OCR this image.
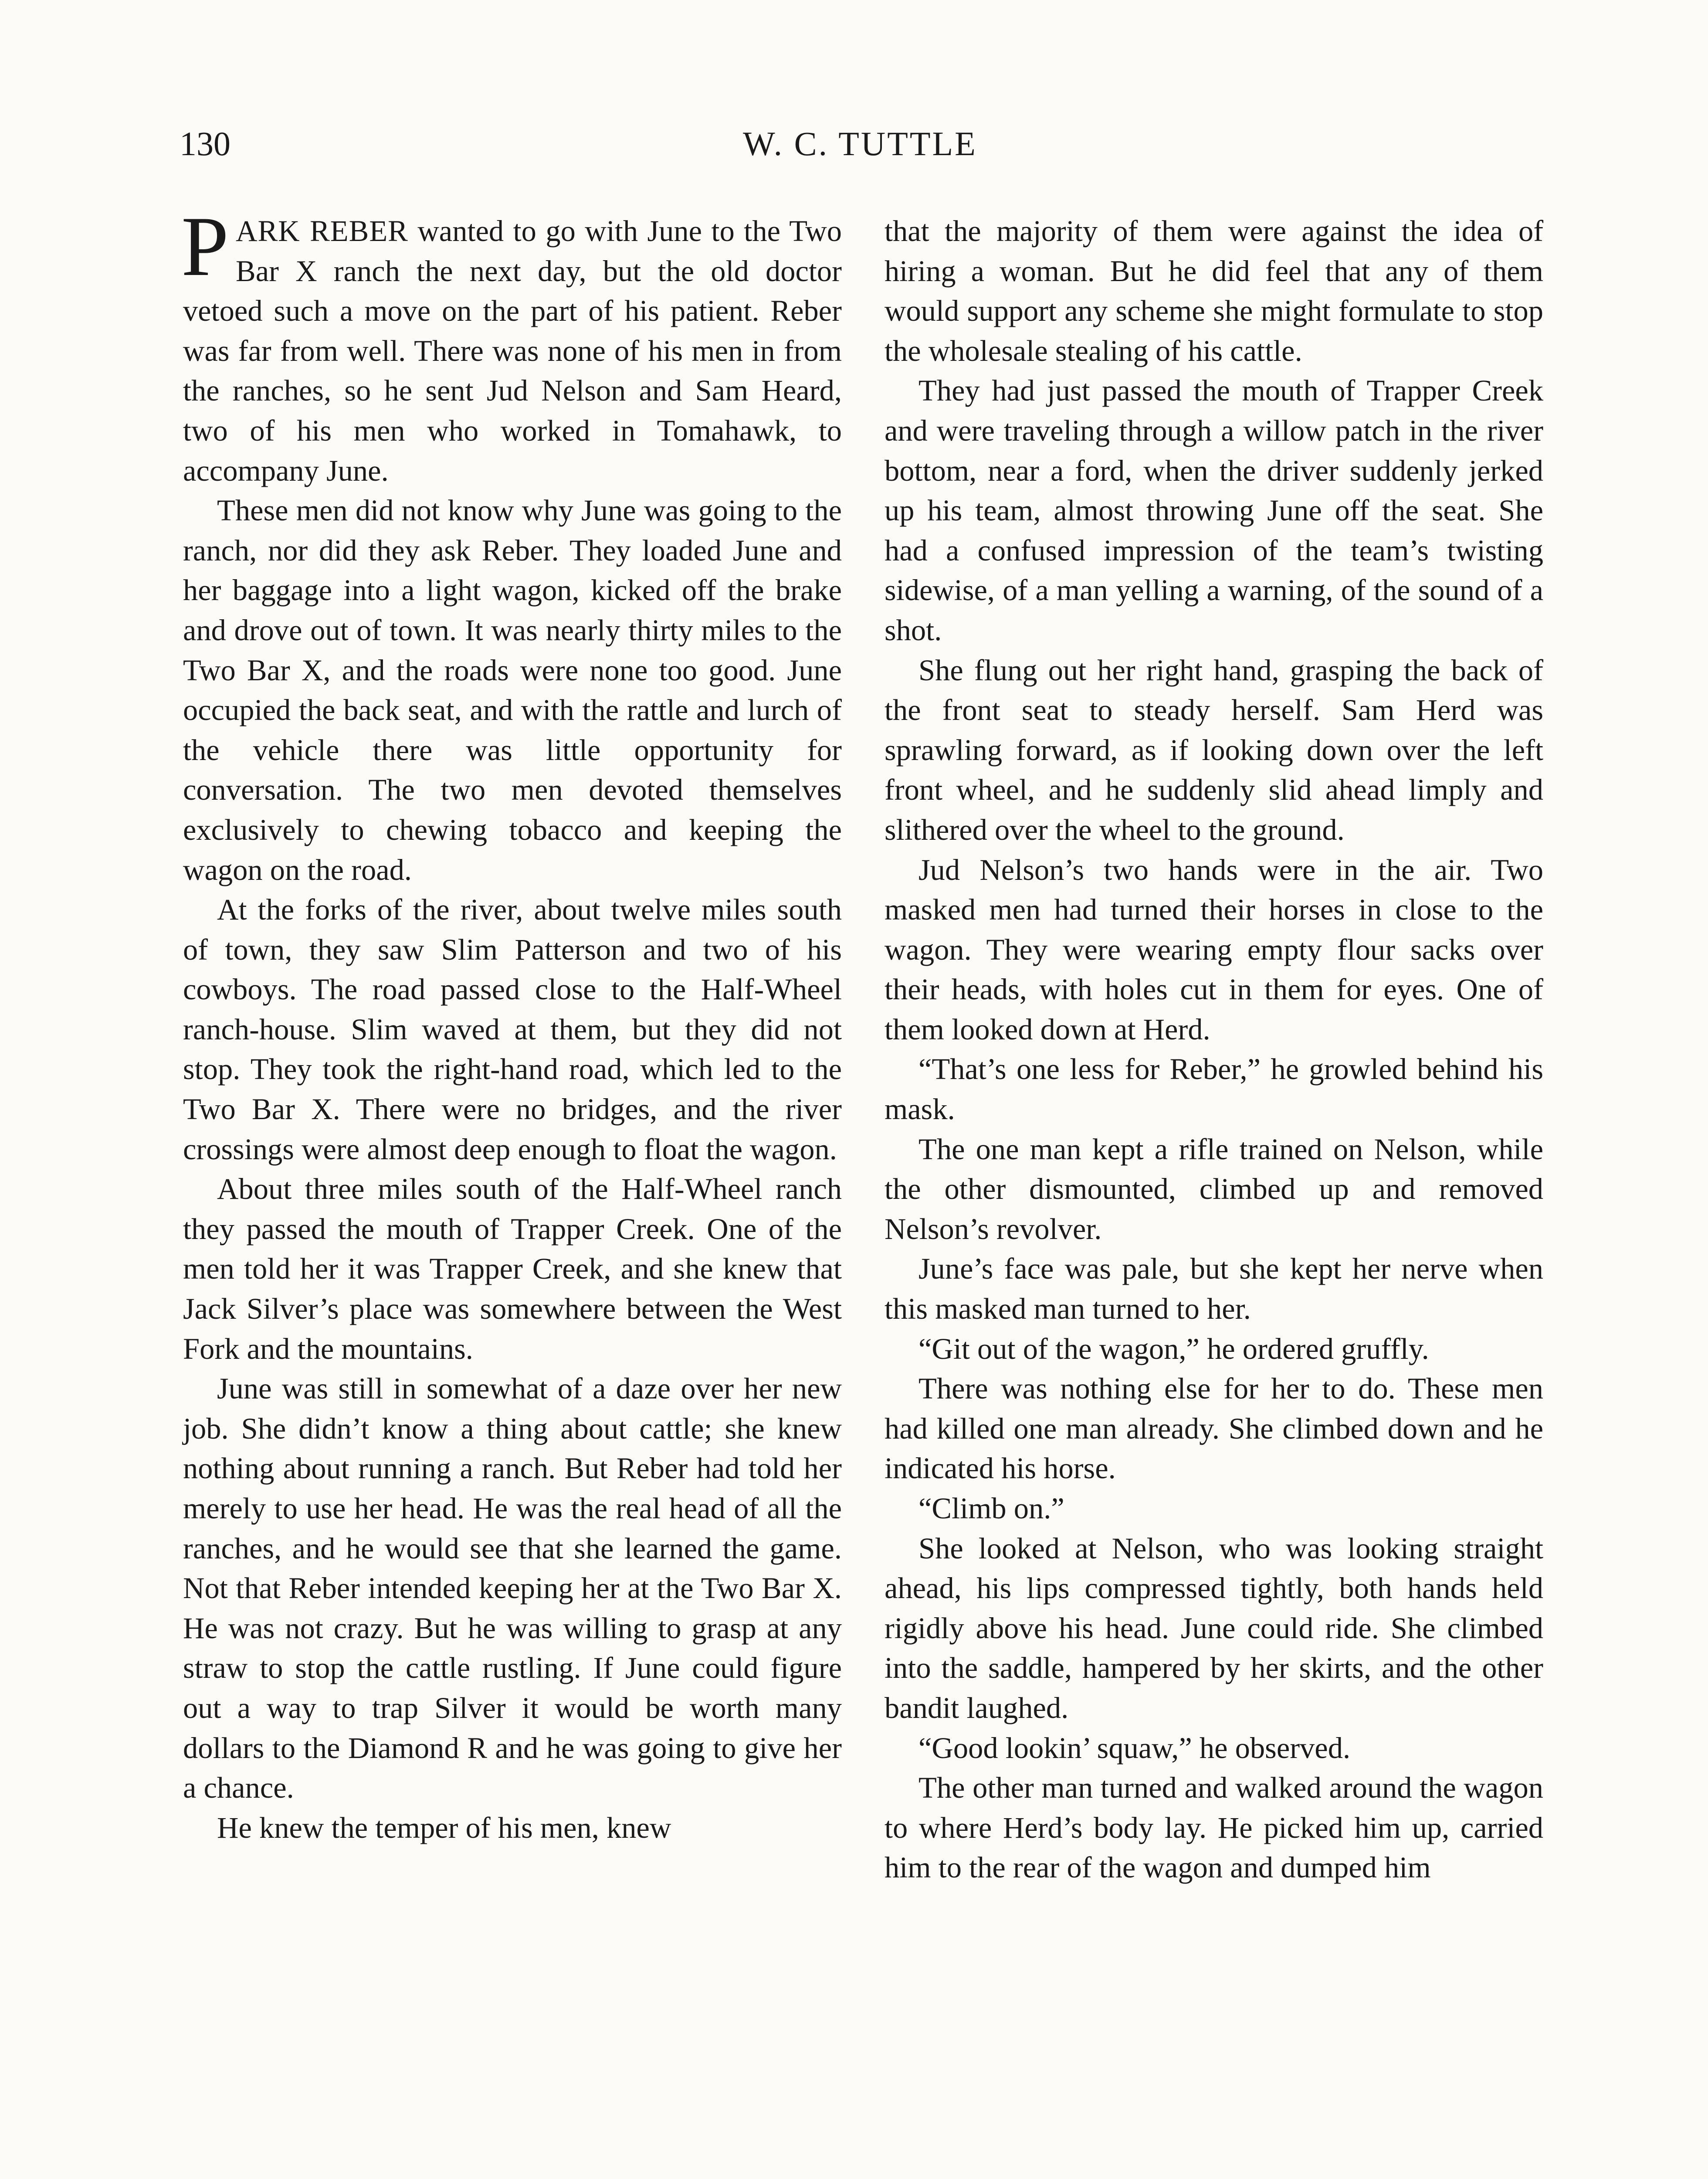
130	W. C. TUTTLE

PARK REBER wanted to go with June to the Two Bar X ranch the next day, but the old doctor vetoed such a move on the part of his patient. Reber was far from well. There was none of his men in from the ranches, so he sent Jud Nelson and Sam Heard, two of his men who worked in Tomahawk, to accompany June.

These men did not know why June was going to the ranch, nor did they ask Reber. They loaded June and her baggage into a light wagon, kicked off the brake and drove out of town. It was nearly thirty miles to the Two Bar X, and the roads were none too good. June occupied the back seat, and with the rattle and lurch of the vehicle there was little opportunity for conversation. The two men devoted themselves exclusively to chewing tobacco and keeping the wagon on the road.

At the forks of the river, about twelve miles south of town, they saw Slim Patterson and two of his cowboys. The road passed close to the Half-Wheel ranch-house. Slim waved at them, but they did not stop. They took the right-hand road, which led to the Two Bar X. There were no bridges, and the river crossings were almost deep enough to float the wagon.

About three miles south of the Half-Wheel ranch they passed the mouth of Trapper Creek. One of the men told her it was Trapper Creek, and she knew that Jack Silver’s place was somewhere between the West Fork and the mountains.

June was still in somewhat of a daze over her new job. She didn’t know a thing about cattle; she knew nothing about running a ranch. But Reber had told her merely to use her head. He was the real head of all the ranches, and he would see that she learned the game. Not that Reber intended keeping her at the Two Bar X. He was not crazy. But he was willing to grasp at any straw to stop the cattle rustling. If June could figure out a way to trap Silver it would be worth many dollars to the Diamond R and he was going to give her a chance.

He knew the temper of his men, knew

that the majority of them were against the idea of hiring a woman. But he did feel that any of them would support any scheme she might formulate to stop the wholesale stealing of his cattle.

They had just passed the mouth of Trapper Creek and were traveling through a willow patch in the river bottom, near a ford, when the driver suddenly jerked up his team, almost throwing June off the seat. She had a confused impression of the team’s twisting sidewise, of a man yelling a warning, of the sound of a shot.

She flung out her right hand, grasping the back of the front seat to steady herself. Sam Herd was sprawling forward, as if looking down over the left front wheel, and he suddenly slid ahead limply and slithered over the wheel to the ground.

Jud Nelson’s two hands were in the air. Two masked men had turned their horses in close to the wagon. They were wearing empty flour sacks over their heads, with holes cut in them for eyes. One of them looked down at Herd.

“That’s one less for Reber,” he growled behind his mask.

The one man kept a rifle trained on Nelson, while the other dismounted, climbed up and removed Nelson’s revolver.

June’s face was pale, but she kept her nerve when this masked man turned to her.

“Git out of the wagon,” he ordered gruffly.

There was nothing else for her to do. These men had killed one man already. She climbed down and he indicated his horse.

“Climb on.”

She looked at Nelson, who was looking straight ahead, his lips compressed tightly, both hands held rigidly above his head. June could ride. She climbed into the saddle, hampered by her skirts, and the other bandit laughed.

“Good lookin’ squaw,” he observed.

The other man turned and walked around the wagon to where Herd’s body lay. He picked him up, carried him to the rear of the wagon and dumped him
